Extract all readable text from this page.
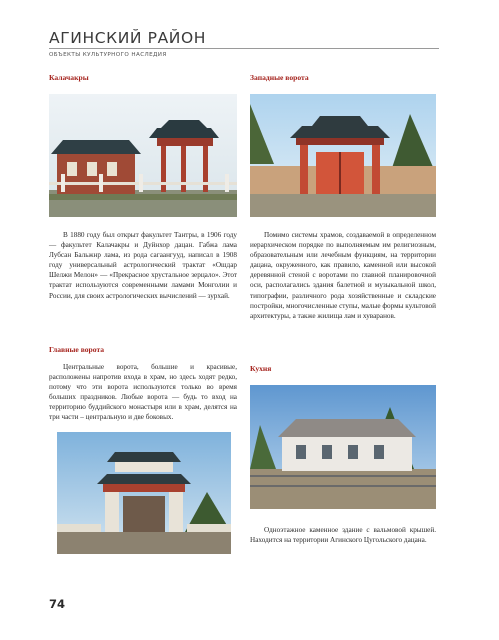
АГИНСКИЙ РАЙОН
ОБЪЕКТЫ КУЛЬТУРНОГО НАСЛЕДИЯ
Калачакры
В 1880 году был открыт факультет Тантры, в 1906 году — факультет Калачакры и Дуйнхор дацан. Габжа лама Лубсан Бальжнр лама, из рода сагаангууд, написал в 1908 году универсальный астрологический трактат «Ошдар Шелжи Мелон» — «Прекрасное хрустальное зерцало». Этот трактат используются современными ламами Монголии и России, для своих астрологических вычислений — зурхай.
Западные ворота
Помимо системы храмов, создаваемой в определенном иерархическом порядке по выполняемым им религиозным, образовательным или лечебным функциям, на территории дацана, окруженного, как правило, каменной или высокой деревянной стеной с воротами по главной планировочной оси, располагались здания балетной и музыкальной школ, типографии, различного рода хозяйственные и складские постройки, многочисленные ступы, малые формы культовой архитектуры, а также жилища лам и хуваранов.
Главные ворота
Центральные ворота, большие и красивые, расположены напротив входа в храм, но здесь ходят редко, потому что эти ворота используются только во время больших праздников. Любые ворота — будь то вход на территорию буддийского монастыря или в храм, делятся на три части – центральную и две боковых.
Кухня
Одноэтажное каменное здание с вальмовой крышей. Находится на территории Агинского Цугольского дацана.
74
